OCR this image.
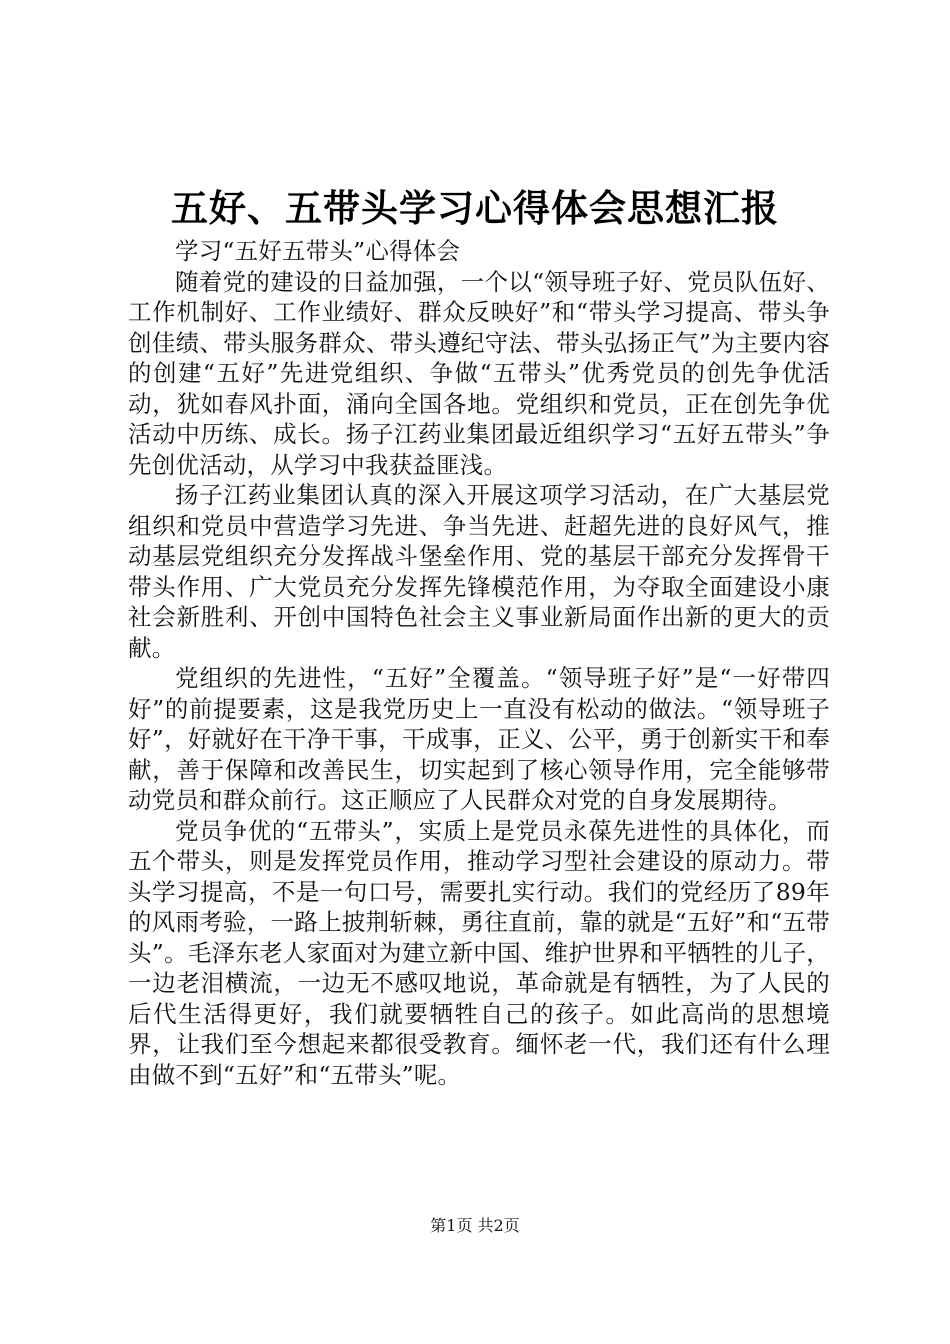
五好、五带头学习心得体会思想汇报

学习“五好五带头”心得体会

随着党的建设的日益加强，一个以“领导班子好、党员队伍好、工作机制好、工作业绩好、群众反映好”和“带头学习提高、带头争创佳绩、带头服务群众、带头遵纪守法、带头弘扬正气”为主要内容的创建“五好”先进党组织、争做“五带头”优秀党员的创先争优活动，犹如春风扑面，涌向全国各地。党组织和党员，正在创先争优活动中历练、成长。扬子江药业集团最近组织学习“五好五带头”争先创优活动，从学习中我获益匪浅。

扬子江药业集团认真的深入开展这项学习活动，在广大基层党组织和党员中营造学习先进、争当先进、赶超先进的良好风气，推动基层党组织充分发挥战斗堡垒作用、党的基层干部充分发挥骨干带头作用、广大党员充分发挥先锋模范作用，为夺取全面建设小康社会新胜利、开创中国特色社会主义事业新局面作出新的更大的贡献。

党组织的先进性，“五好”全覆盖。“领导班子好”是“一好带四好”的前提要素，这是我党历史上一直没有松动的做法。“领导班子好”，好就好在干净干事，干成事，正义、公平，勇于创新实干和奉献，善于保障和改善民生，切实起到了核心领导作用，完全能够带动党员和群众前行。这正顺应了人民群众对党的自身发展期待。

党员争优的“五带头”，实质上是党员永葆先进性的具体化，而五个带头，则是发挥党员作用，推动学习型社会建设的原动力。带头学习提高，不是一句口号，需要扎实行动。我们的党经历了89年的风雨考验，一路上披荆斩棘，勇往直前，靠的就是“五好”和“五带头”。毛泽东老人家面对为建立新中国、维护世界和平牺牲的儿子，一边老泪横流，一边无不感叹地说，革命就是有牺牲，为了人民的后代生活得更好，我们就要牺牲自己的孩子。如此高尚的思想境界，让我们至今想起来都很受教育。缅怀老一代，我们还有什么理由做不到“五好”和“五带头”呢。

第1页 共2页
